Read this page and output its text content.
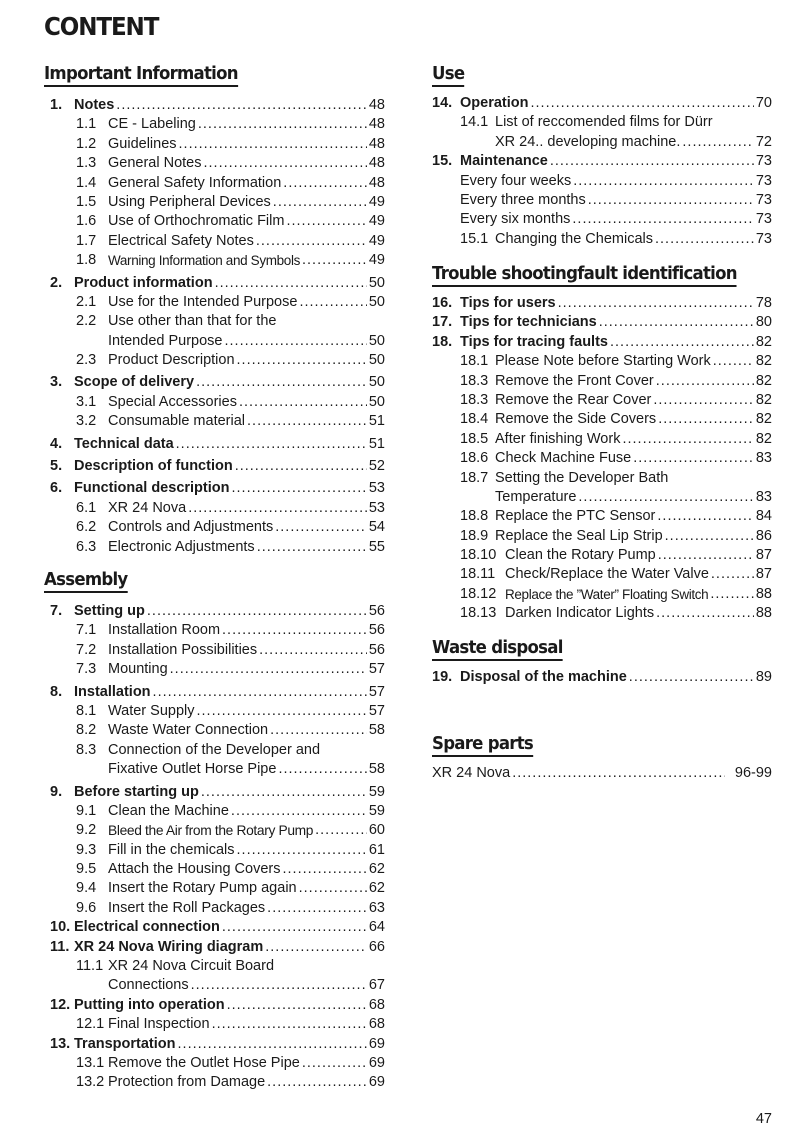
CONTENT
Important Information
1. Notes .....	48
1.1 CE - Labeling .....	48
1.2 Guidelines .....	48
1.3 General Notes .....	48
1.4 General Safety Information .....	48
1.5 Using Peripheral Devices .....	49
1.6 Use of Orthochromatic Film .....	49
1.7 Electrical Safety Notes .....	49
1.8 Warning Information and Symbols .....	49
2. Product information .....	50
2.1 Use for the Intended Purpose .....	50
2.2 Use other than that for the
Intended Purpose .....	50
2.3 Product Description .....	50
3. Scope of delivery .....	50
3.1 Special Accessories .....	50
3.2 Consumable material .....	51
4. Technical data .....	51
5. Description of function .....	52
6. Functional description .....	53
6.1 XR 24 Nova .....	53
6.2 Controls and Adjustments .....	54
6.3 Electronic Adjustments .....	55
Assembly
7. Setting up .....	56
7.1 Installation Room .....	56
7.2 Installation Possibilities .....	56
7.3 Mounting .....	57
8. Installation .....	57
8.1 Water Supply .....	57
8.2 Waste Water Connection .....	58
8.3 Connection of the Developer and
Fixative Outlet Horse Pipe .....	58
9. Before starting up .....	59
9.1 Clean the Machine .....	59
9.2 Bleed the Air from the Rotary Pump .....	60
9.3 Fill in the chemicals .....	61
9.5 Attach the Housing Covers .....	62
9.4 Insert the Rotary Pump again .....	62
9.6 Insert the Roll Packages .....	63
10. Electrical connection .....	64
11. XR 24 Nova Wiring diagram .....	66
11.1 XR 24 Nova Circuit Board
Connections .....	67
12. Putting into operation .....	68
12.1 Final Inspection .....	68
13. Transportation .....	69
13.1 Remove the Outlet Hose Pipe .....	69
13.2 Protection from Damage .....	69
Use
14. Operation .....	70
14.1 List of reccomended films for Dürr
XR 24.. developing machine. .....	72
15. Maintenance .....	73
Every four weeks .....	73
Every three months .....	73
Every six months .....	73
15.1 Changing the Chemicals .....	73
Trouble shootingfault identification
16. Tips for users .....	78
17. Tips for technicians .....	80
18. Tips for tracing faults .....	82
18.1 Please Note before Starting Work .....	82
18.3 Remove the Front Cover .....	82
18.3 Remove the Rear Cover .....	82
18.4 Remove the Side Covers .....	82
18.5 After finishing Work .....	82
18.6 Check Machine Fuse .....	83
18.7 Setting the Developer Bath
Temperature .....	83
18.8 Replace the PTC Sensor .....	84
18.9 Replace the Seal Lip Strip .....	86
18.10 Clean the Rotary Pump .....	87
18.11 Check/Replace the Water Valve .....	87
18.12 Replace the ”Water” Floating Switch .....	88
18.13 Darken Indicator Lights .....	88
Waste disposal
19. Disposal of the machine .....	89
Spare parts
XR 24 Nova .....	96-99

47
